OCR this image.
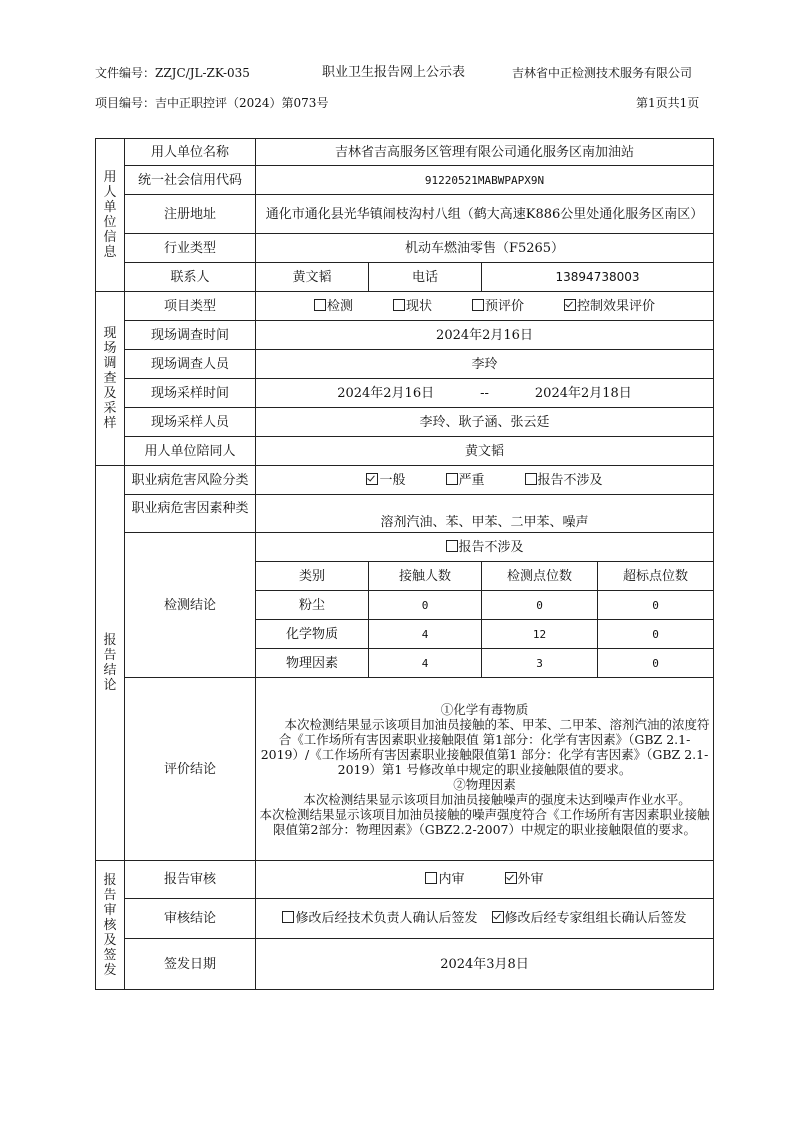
文件编号：ZZJC/JL-ZK-035	职业卫生报告网上公示表	吉林省中正检测技术服务有限公司
项目编号：吉中正职控评（2024）第073号	第1页共1页
用人单位信息	用人单位名称	吉林省吉高服务区管理有限公司通化服务区南加油站			
	统一社会信用代码	91220521MABWPAPX9N			
	注册地址	通化市通化县光华镇闹枝沟村八组（鹤大高速K886公里处通化服务区南区）			
	行业类型	机动车燃油零售（F5265）			
	联系人	黄文韬	电话	13894738003	
现场调查及采样	项目类型	检测 现状 预评价 控制效果评价			
	现场调查时间	2024年2月16日			
	现场调查人员	李玲			
	现场采样时间	2024年2月16日 -- 2024年2月18日			
	现场采样人员	李玲、耿子涵、张云廷			
	用人单位陪同人	黄文韬			
报告结论	职业病危害风险分类	一般 严重 报告不涉及			
	职业病危害因素种类	溶剂汽油、苯、甲苯、二甲苯、噪声			
	检测结论	报告不涉及			
		类别	接触人数	检测点位数	超标点位数
		粉尘	0	0	0
		化学物质	4	12	0
		物理因素	4	3	0
	评价结论	①化学有毒物质
本次检测结果显示该项目加油员接触的苯、甲苯、二甲苯、溶剂汽油的浓度符合《工作场所有害因素职业接触限值 第1部分：化学有害因素》（GBZ 2.1-2019）/《工作场所有害因素职业接触限值第1 部分：化学有害因素》（GBZ 2.1-2019）第1 号修改单中规定的职业接触限值的要求。
②物理因素
本次检测结果显示该项目加油员接触噪声的强度未达到噪声作业水平。
本次检测结果显示该项目加油员接触的噪声强度符合《工作场所有害因素职业接触限值第2部分：物理因素》（GBZ2.2-2007）中规定的职业接触限值的要求。			

报告审核及签发	报告审核	内审 外审			
	审核结论	修改后经技术负责人确认后签发 修改后经专家组组长确认后签发			
	签发日期	2024年3月8日			
